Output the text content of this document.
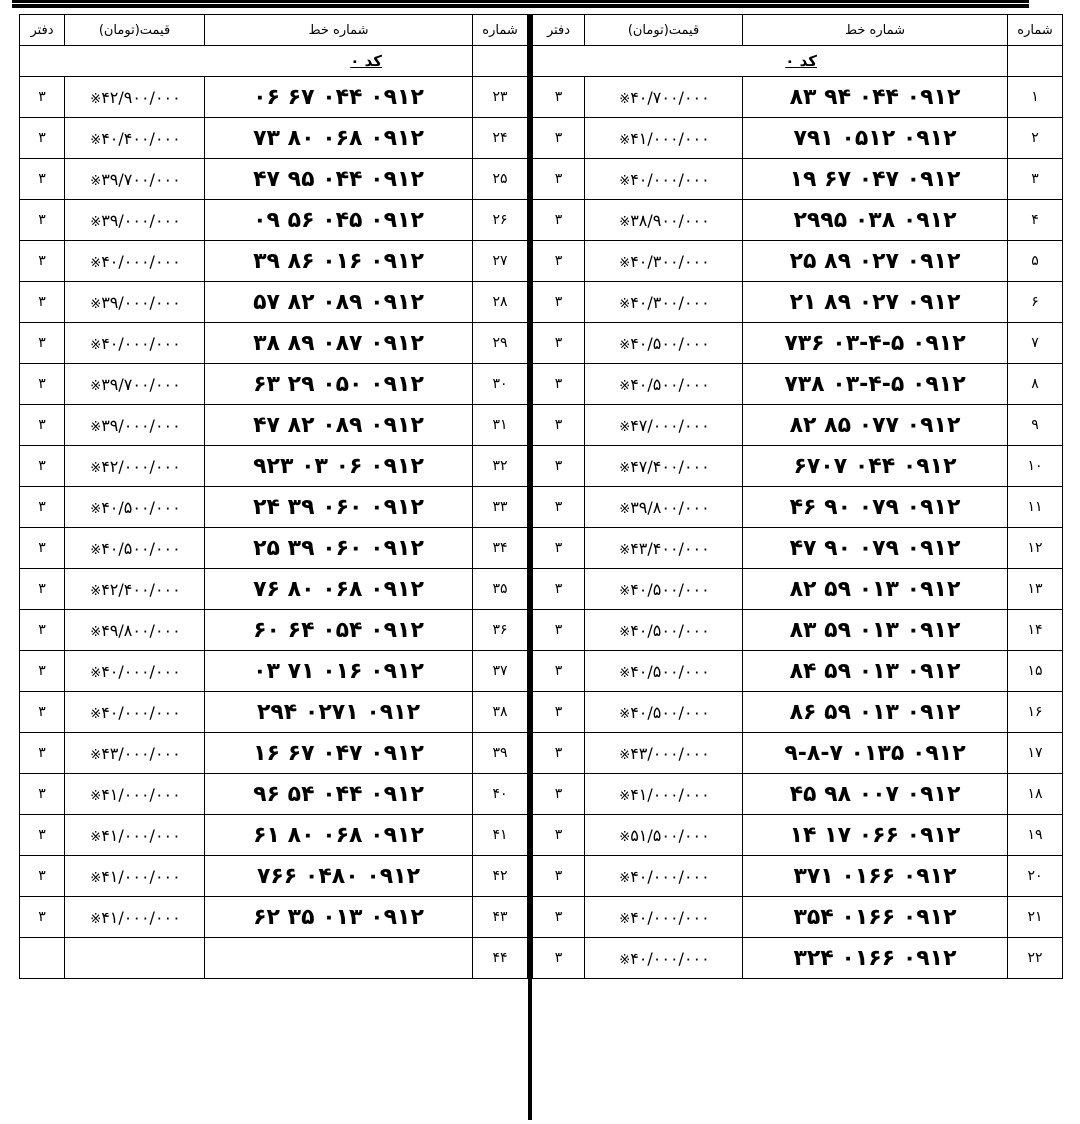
شماره	شماره خط	قیمت(تومان)	دفتر
	کد ۰		
۱	۰۹۱۲ ۰۴۴ ۹۴ ۸۳	۴۰/۷۰۰/۰۰۰※	۳
۲	۰۹۱۲ ۰۵۱۲ ۷۹۱	۴۱/۰۰۰/۰۰۰※	۳
۳	۰۹۱۲ ۰۴۷ ۶۷ ۱۹	۴۰/۰۰۰/۰۰۰※	۳
۴	۰۹۱۲ ۰۳۸ ۲۹۹۵	۳۸/۹۰۰/۰۰۰※	۳
۵	۰۹۱۲ ۰۲۷ ۸۹ ۲۵	۴۰/۳۰۰/۰۰۰※	۳
۶	۰۹۱۲ ۰۲۷ ۸۹ ۲۱	۴۰/۳۰۰/۰۰۰※	۳
۷	۰۹۱۲ ۰۳-۴-۵ ۷۳۶	۴۰/۵۰۰/۰۰۰※	۳
۸	۰۹۱۲ ۰۳-۴-۵ ۷۳۸	۴۰/۵۰۰/۰۰۰※	۳
۹	۰۹۱۲ ۰۷۷ ۸۵ ۸۲	۴۷/۰۰۰/۰۰۰※	۳
۱۰	۰۹۱۲ ۰۴۴ ۶۷۰۷	۴۷/۴۰۰/۰۰۰※	۳
۱۱	۰۹۱۲ ۰۷۹ ۹۰ ۴۶	۳۹/۸۰۰/۰۰۰※	۳
۱۲	۰۹۱۲ ۰۷۹ ۹۰ ۴۷	۴۳/۴۰۰/۰۰۰※	۳
۱۳	۰۹۱۲ ۰۱۳ ۵۹ ۸۲	۴۰/۵۰۰/۰۰۰※	۳
۱۴	۰۹۱۲ ۰۱۳ ۵۹ ۸۳	۴۰/۵۰۰/۰۰۰※	۳
۱۵	۰۹۱۲ ۰۱۳ ۵۹ ۸۴	۴۰/۵۰۰/۰۰۰※	۳
۱۶	۰۹۱۲ ۰۱۳ ۵۹ ۸۶	۴۰/۵۰۰/۰۰۰※	۳
۱۷	۰۹۱۲ ۰۱۳۵ ۹-۸-۷	۴۳/۰۰۰/۰۰۰※	۳
۱۸	۰۹۱۲ ۰۰۷ ۹۸ ۴۵	۴۱/۰۰۰/۰۰۰※	۳
۱۹	۰۹۱۲ ۰۶۶ ۱۷ ۱۴	۵۱/۵۰۰/۰۰۰※	۳
۲۰	۰۹۱۲ ۰۱۶۶ ۳۷۱	۴۰/۰۰۰/۰۰۰※	۳
۲۱	۰۹۱۲ ۰۱۶۶ ۳۵۴	۴۰/۰۰۰/۰۰۰※	۳
۲۲	۰۹۱۲ ۰۱۶۶ ۳۲۴	۴۰/۰۰۰/۰۰۰※	۳
شماره	شماره خط	قیمت(تومان)	دفتر
	کد ۰		
۲۳	۰۹۱۲ ۰۴۴ ۶۷ ۰۶	۴۲/۹۰۰/۰۰۰※	۳
۲۴	۰۹۱۲ ۰۶۸ ۸۰ ۷۳	۴۰/۴۰۰/۰۰۰※	۳
۲۵	۰۹۱۲ ۰۴۴ ۹۵ ۴۷	۳۹/۷۰۰/۰۰۰※	۳
۲۶	۰۹۱۲ ۰۴۵ ۵۶ ۰۹	۳۹/۰۰۰/۰۰۰※	۳
۲۷	۰۹۱۲ ۰۱۶ ۸۶ ۳۹	۴۰/۰۰۰/۰۰۰※	۳
۲۸	۰۹۱۲ ۰۸۹ ۸۲ ۵۷	۳۹/۰۰۰/۰۰۰※	۳
۲۹	۰۹۱۲ ۰۸۷ ۸۹ ۳۸	۴۰/۰۰۰/۰۰۰※	۳
۳۰	۰۹۱۲ ۰۵۰ ۲۹ ۶۳	۳۹/۷۰۰/۰۰۰※	۳
۳۱	۰۹۱۲ ۰۸۹ ۸۲ ۴۷	۳۹/۰۰۰/۰۰۰※	۳
۳۲	۰۹۱۲ ۰۶ ۰۳ ۹۲۳	۴۲/۰۰۰/۰۰۰※	۳
۳۳	۰۹۱۲ ۰۶۰ ۳۹ ۲۴	۴۰/۵۰۰/۰۰۰※	۳
۳۴	۰۹۱۲ ۰۶۰ ۳۹ ۲۵	۴۰/۵۰۰/۰۰۰※	۳
۳۵	۰۹۱۲ ۰۶۸ ۸۰ ۷۶	۴۲/۴۰۰/۰۰۰※	۳
۳۶	۰۹۱۲ ۰۵۴ ۶۴ ۶۰	۴۹/۸۰۰/۰۰۰※	۳
۳۷	۰۹۱۲ ۰۱۶ ۷۱ ۰۳	۴۰/۰۰۰/۰۰۰※	۳
۳۸	۰۹۱۲ ۰۲۷۱ ۲۹۴	۴۰/۰۰۰/۰۰۰※	۳
۳۹	۰۹۱۲ ۰۴۷ ۶۷ ۱۶	۴۳/۰۰۰/۰۰۰※	۳
۴۰	۰۹۱۲ ۰۴۴ ۵۴ ۹۶	۴۱/۰۰۰/۰۰۰※	۳
۴۱	۰۹۱۲ ۰۶۸ ۸۰ ۶۱	۴۱/۰۰۰/۰۰۰※	۳
۴۲	۰۹۱۲ ۰۴۸۰ ۷۶۶	۴۱/۰۰۰/۰۰۰※	۳
۴۳	۰۹۱۲ ۰۱۳ ۳۵ ۶۲	۴۱/۰۰۰/۰۰۰※	۳
۴۴			
